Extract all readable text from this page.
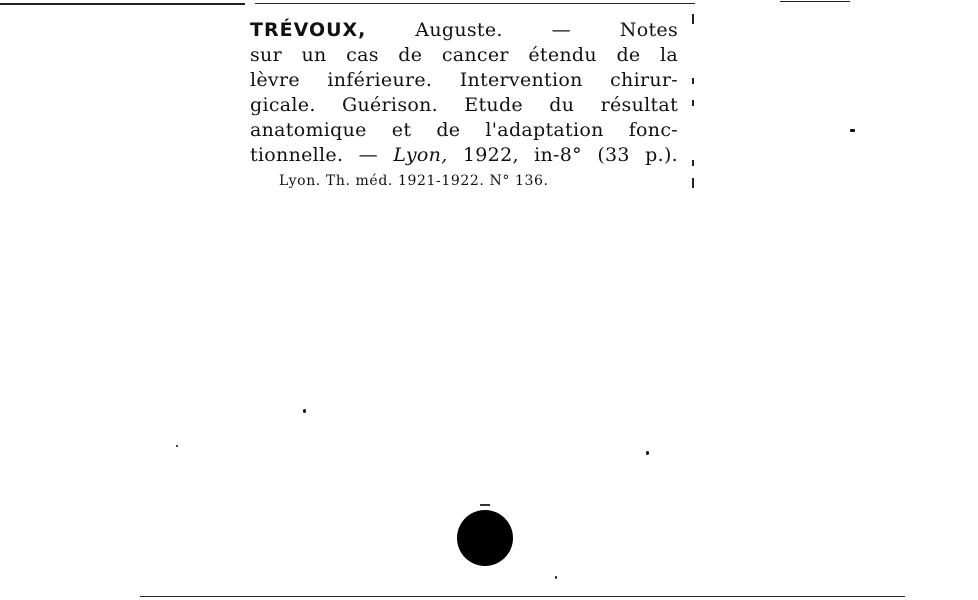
TRÉVOUX,	Auguste. — Notes
sur un cas de cancer étendu de la
lèvre inférieure. Intervention chirur-
gicale. Guérison. Etude du résultat
anatomique et de l'adaptation fonc-
tionnelle. — Lyon, 1922, in-8° (33 p.).
Lyon. Th. méd. 1921-1922. N° 136.
